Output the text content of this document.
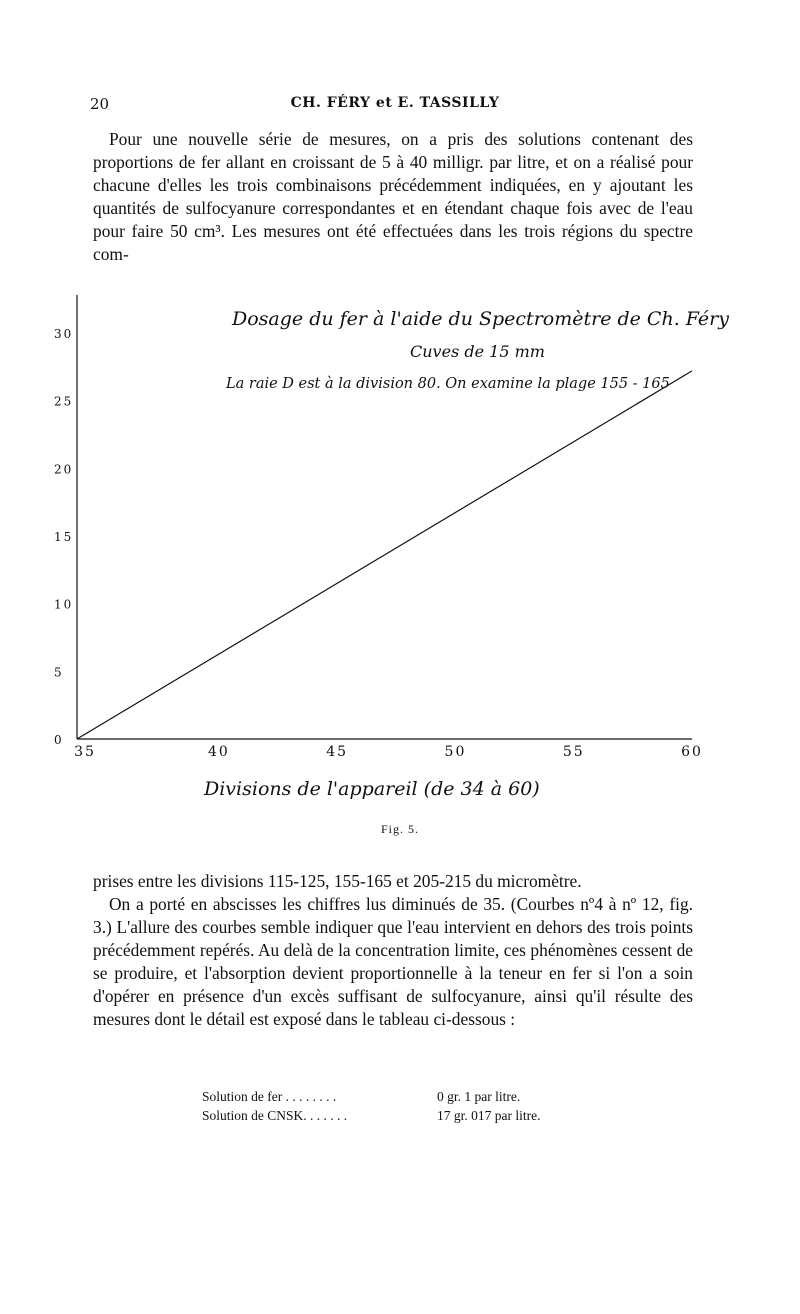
20	CH. FÉRY et E. TASSILLY

Pour une nouvelle série de mesures, on a pris des solutions contenant des proportions de fer allant en croissant de 5 à 40 milligr. par litre, et on a réalisé pour chacune d'elles les trois combinaisons précédemment indiquées, en y ajoutant les quantités de sulfocyanure correspondantes et en étendant chaque fois avec de l'eau pour faire 50 cm³. Les mesures ont été effectuées dans les trois régions du spectre com-

Dosage du fer à l'aide du Spectromètre de Ch. Féry
Cuves de 15 mm
La raie D est à la division 80. On examine la plage 155 - 165
Divisions de l'appareil (de 34 à 60)
0
5
10
15
20
25
30
35	40	45	50	55	60
Fig. 5.

prises entre les divisions 115-125, 155-165 et 205-215 du micromètre.

On a porté en abscisses les chiffres lus diminués de 35. (Courbes nº4 à nº 12, fig. 3.) L'allure des courbes semble indiquer que l'eau intervient en dehors des trois points précédemment repérés. Au delà de la concentration limite, ces phénomènes cessent de se produire, et l'absorption devient proportionnelle à la teneur en fer si l'on a soin d'opérer en présence d'un excès suffisant de sulfocyanure, ainsi qu'il résulte des mesures dont le détail est exposé dans le tableau ci-dessous :

Solution de fer . . . . . . . .	0 gr. 1 par litre.
Solution de CNSK. . . . . . .	17 gr. 017 par litre.
